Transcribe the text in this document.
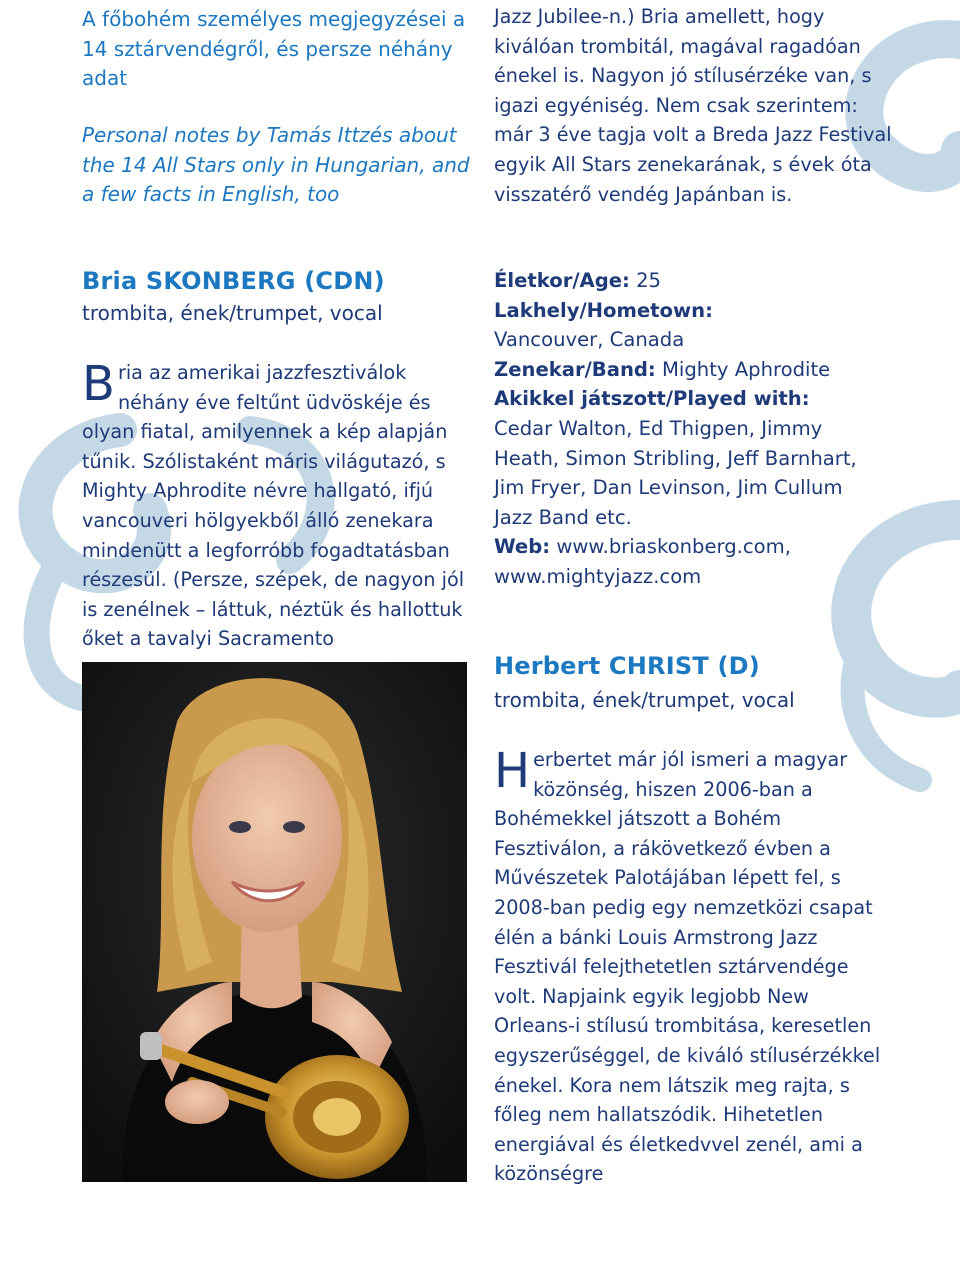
A főbohém személyes megjegyzései a 14 sztárvendégről, és persze néhány adat

Personal notes by Tamás Ittzés about the 14 All Stars only in Hungarian, and a few facts in English, too

Bria SKONBERG (CDN)

trombita, ének/trumpet, vocal

Bria az amerikai jazzfesztiválok néhány éve feltűnt üdvöskéje és olyan fiatal, amilyennek a kép alapján tűnik. Szólistaként máris világutazó, s Mighty Aphrodite névre hallgató, ifjú vancouveri hölgyekből álló zenekara mindenütt a legforróbb fogadtatásban részesül. (Persze, szépek, de nagyon jól is zenélnek – láttuk, néztük és hallottuk őket a tavalyi Sacramento

Jazz Jubilee-n.) Bria amellett, hogy kiválóan trombitál, magával ragadóan énekel is. Nagyon jó stílusérzéke van, s igazi egyéniség. Nem csak szerintem: már 3 éve tagja volt a Breda Jazz Festival egyik All Stars zenekarának, s évek óta visszatérő vendég Japánban is.

Életkor/Age: 25
Lakhely/Hometown:
Vancouver, Canada
Zenekar/Band: Mighty Aphrodite
Akikkel játszott/Played with:
Cedar Walton, Ed Thigpen, Jimmy Heath, Simon Stribling, Jeff Barnhart, Jim Fryer, Dan Levinson, Jim Cullum Jazz Band etc.
Web: www.briaskonberg.com, www.mightyjazz.com
Herbert CHRIST (D)

trombita, ének/trumpet, vocal

Herbertet már jól ismeri a magyar közönség, hiszen 2006-ban a Bohémekkel játszott a Bohém Fesztiválon, a rákövetkező évben a Művészetek Palotájában lépett fel, s 2008-ban pedig egy nemzetközi csapat élén a bánki Louis Armstrong Jazz Fesztivál felejthetetlen sztárvendége volt. Napjaink egyik legjobb New Orleans-i stílusú trombitása, keresetlen egyszerűséggel, de kiváló stílusérzékkel énekel. Kora nem látszik meg rajta, s főleg nem hallatszódik. Hihetetlen energiával és életkedvvel zenél, ami a közönségre
